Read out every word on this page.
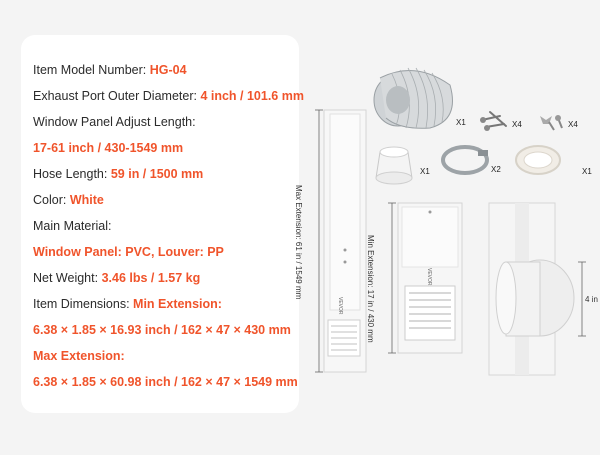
Item Model Number: HG-04
Exhaust Port Outer Diameter: 4 inch / 101.6 mm
Window Panel Adjust Length:
17-61 inch / 430-1549 mm
Hose Length: 59 in / 1500 mm
Color: White
Main Material:
Window Panel: PVC, Louver: PP
Net Weight: 3.46 lbs / 1.57 kg
Item Dimensions: Min Extension:
6.38 × 1.85 × 16.93 inch / 162 × 47 × 430 mm
Max Extension:
6.38 × 1.85 × 60.98 inch / 162 × 47 × 1549 mm
X1	X4	X4
X1	X2	X1
VEVOR
VEVOR
Max Extension: 61 in / 1549 mm	Min Extension: 17 in / 430 mm	4 in
